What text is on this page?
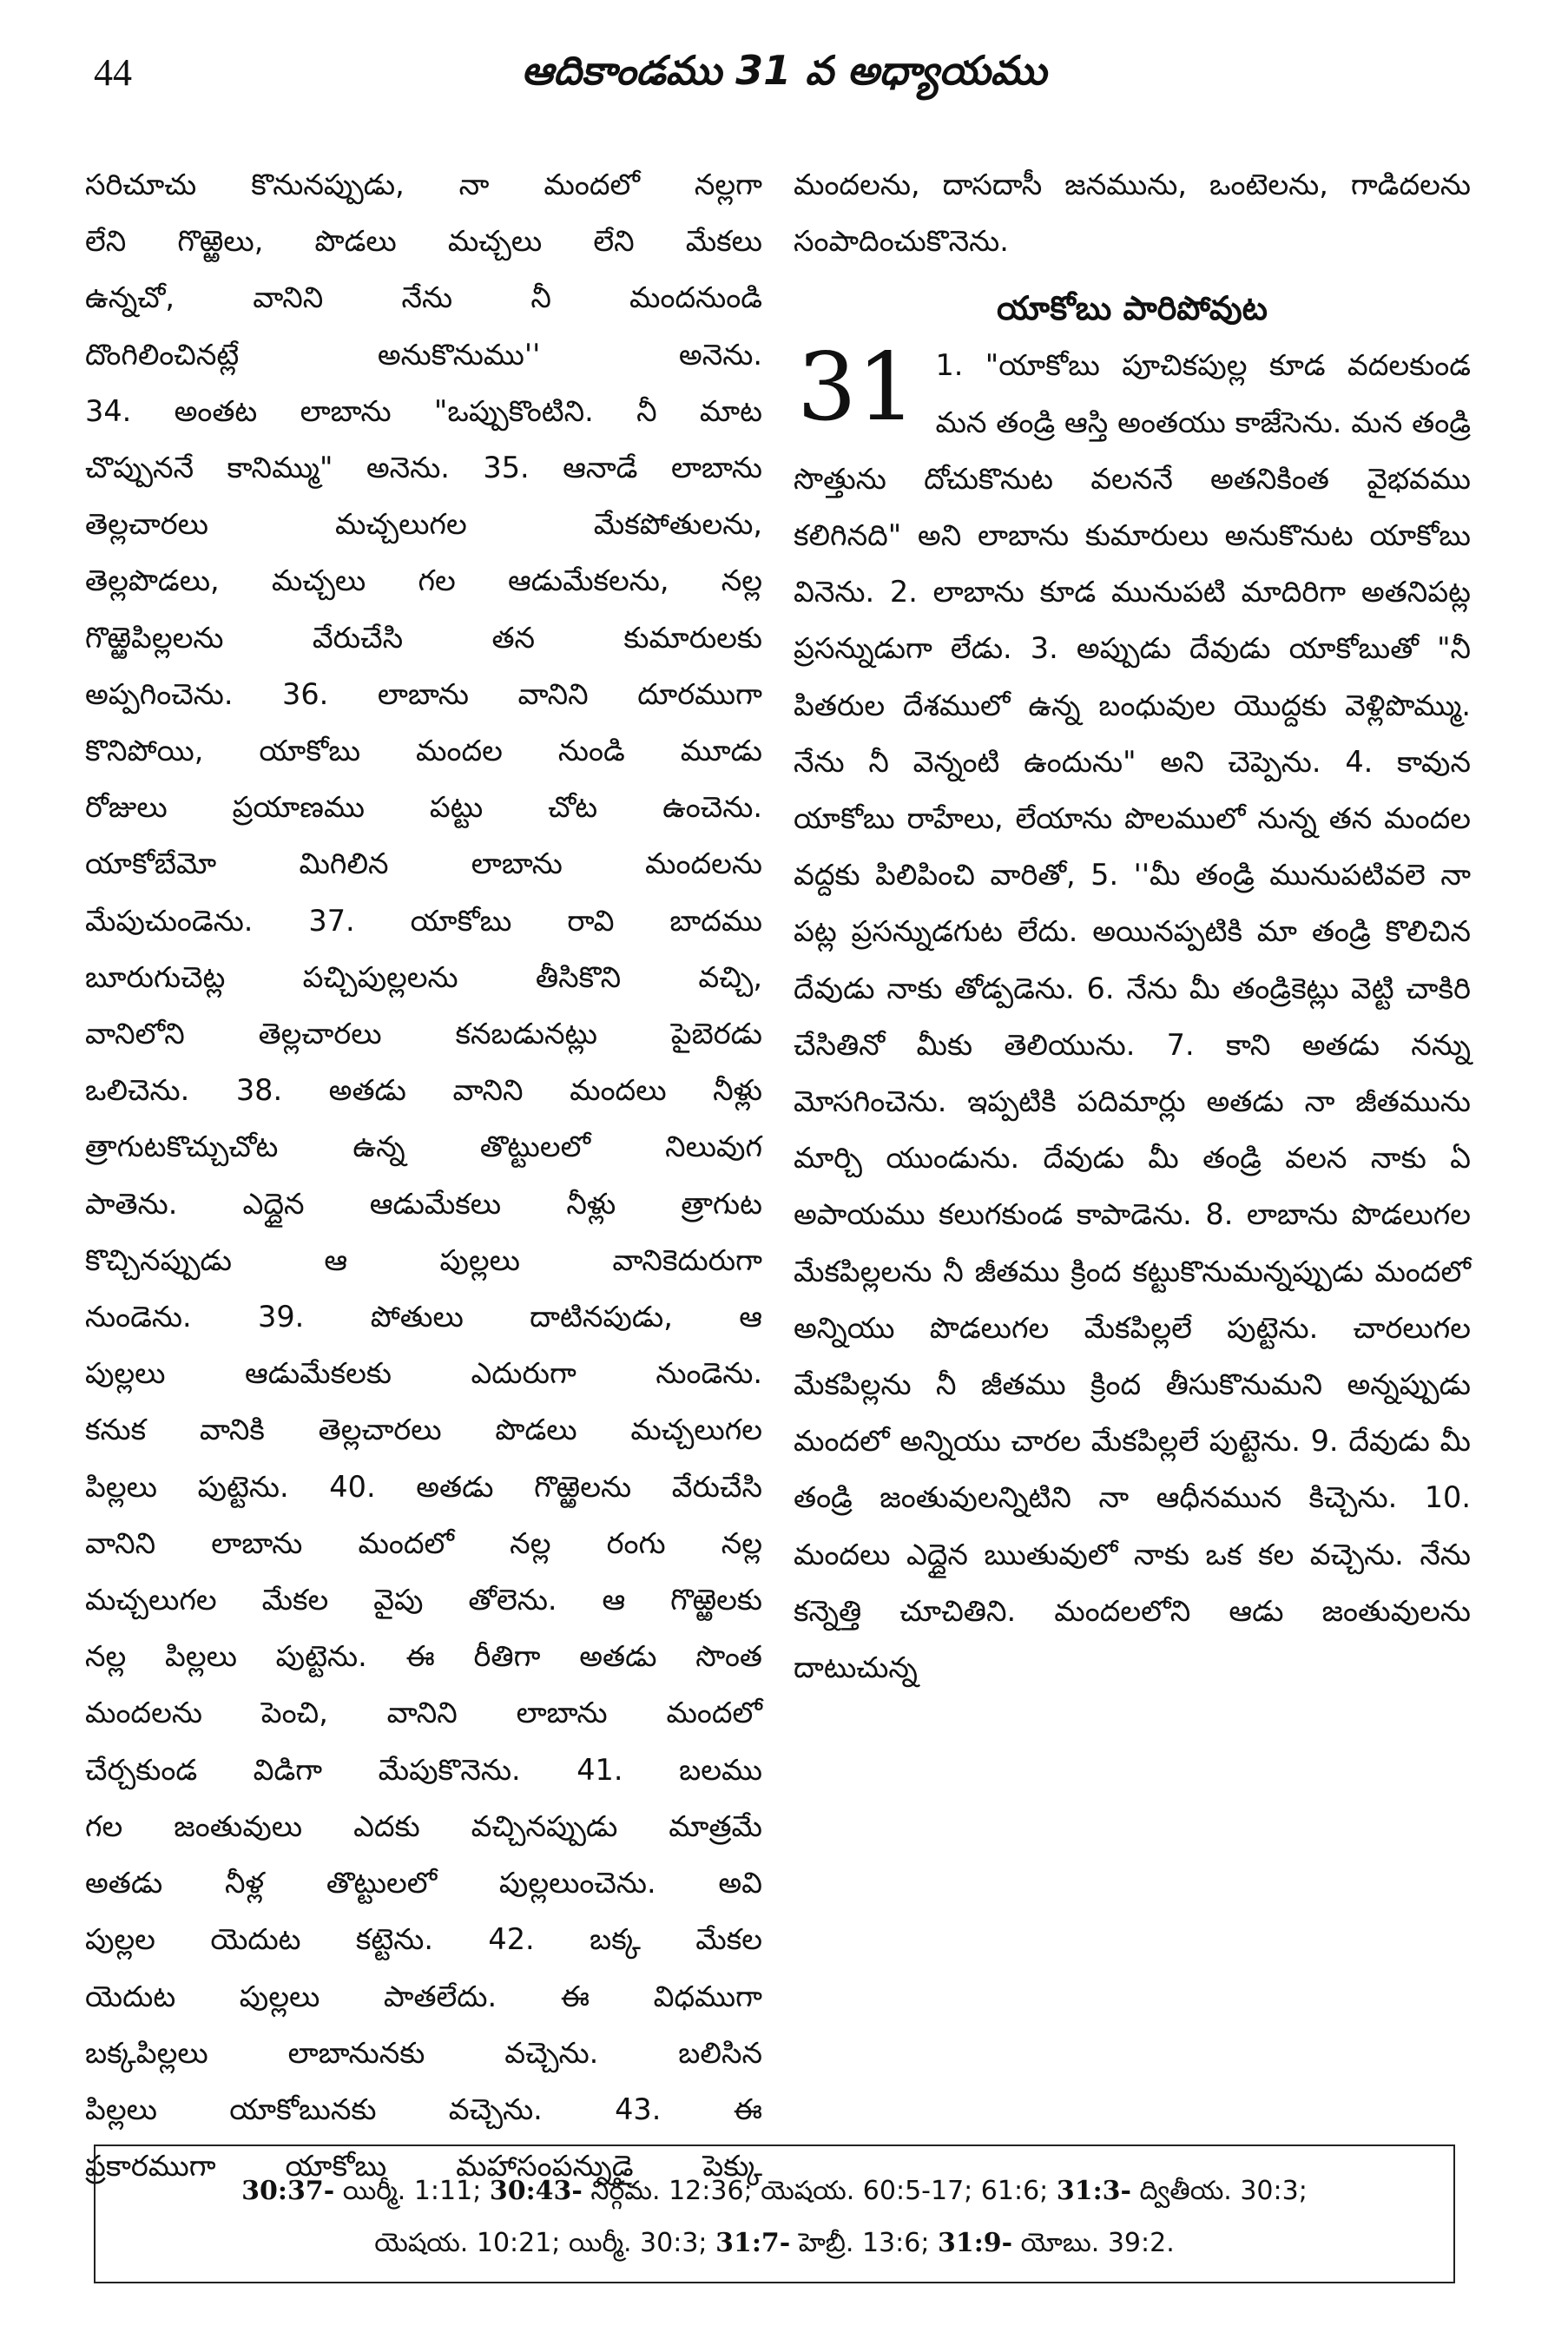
44	ఆదికాండము 31 వ అధ్యాయము

సరిచూచు కొనునప్పుడు, నా మందలో నల్లగా

లేని గొఱ్ఱెలు, పొడలు మచ్చలు లేని మేకలు

ఉన్నచో, వానిని నేను నీ మందనుండి

దొంగిలించినట్లే అనుకొనుము'' అనెను.

34. అంతట లాబాను "ఒప్పుకొంటిని. నీ మాట

చొప్పుననే కానిమ్ము" అనెను. 35. ఆనాడే లాబాను

తెల్లచారలు మచ్చలుగల మేకపోతులను,

తెల్లపొడలు, మచ్చలు గల ఆడుమేకలను, నల్ల

గొఱ్ఱెపిల్లలను వేరుచేసి తన కుమారులకు

అప్పగించెను. 36. లాబాను వానిని దూరముగా

కొనిపోయి, యాకోబు మందల నుండి మూడు

రోజులు ప్రయాణము పట్టు చోట ఉంచెను.

యాకోబేమో మిగిలిన లాబాను మందలను

మేపుచుండెను. 37. యాకోబు రావి బాదము

బూరుగుచెట్ల పచ్చిపుల్లలను తీసికొని వచ్చి,

వానిలోని తెల్లచారలు కనబడునట్లు పైబెరడు

ఒలిచెను. 38. అతడు వానిని మందలు నీళ్లు

త్రాగుటకొచ్చుచోట ఉన్న తొట్టులలో నిలువుగ

పాతెను. ఎద్దైన ఆడుమేకలు నీళ్లు త్రాగుట

కొచ్చినప్పుడు ఆ పుల్లలు వానికెదురుగా

నుండెను. 39. పోతులు దాటినపుడు, ఆ

పుల్లలు ఆడుమేకలకు ఎదురుగా నుండెను.

కనుక వానికి తెల్లచారలు పొడలు మచ్చలుగల

పిల్లలు పుట్టెను. 40. అతడు గొఱ్ఱెలను వేరుచేసి

వానిని లాబాను మందలో నల్ల రంగు నల్ల

మచ్చలుగల మేకల వైపు తోలెను. ఆ గొఱ్ఱెలకు

నల్ల పిల్లలు పుట్టెను. ఈ రీతిగా అతడు సొంత

మందలను పెంచి, వానిని లాబాను మందలో

చేర్చకుండ విడిగా మేపుకొనెను. 41. బలము

గల జంతువులు ఎదకు వచ్చినప్పుడు మాత్రమే

అతడు నీళ్ల తొట్టులలో పుల్లలుంచెను. అవి

పుల్లల యెదుట కట్టెను. 42. బక్క మేకల

యెదుట పుల్లలు పాతలేదు. ఈ విధముగా

బక్కపిల్లలు లాబానునకు వచ్చెను. బలిసిన

పిల్లలు యాకోబునకు వచ్చెను. 43. ఈ

ప్రకారముగా యాకోబు మహాసంపన్నుడై పెక్కు

మందలను, దాసదాసీ జనమును, ఒంటెలను, గాడిదలను సంపాదించుకొనెను.

యాకోబు పారిపోవుట

31 1. "యాకోబు పూచికపుల్ల కూడ వదలకుండ మన తండ్రి ఆస్తి అంతయు కాజేసెను. మన తండ్రి సొత్తును దోచుకొనుట వలననే అతనికింత వైభవము కలిగినది" అని లాబాను కుమారులు అనుకొనుట యాకోబు వినెను. 2. లాబాను కూడ మునుపటి మాదిరిగా అతనిపట్ల ప్రసన్నుడుగా లేడు. 3. అప్పుడు దేవుడు యాకోబుతో "నీ పితరుల దేశములో ఉన్న బంధువుల యొద్దకు వెళ్లిపొమ్ము. నేను నీ వెన్నంటి ఉందును" అని చెప్పెను. 4. కావున యాకోబు రాహేలు, లేయాను పొలములో నున్న తన మందల వద్దకు పిలిపించి వారితో, 5. ''మీ తండ్రి మునుపటివలె నా పట్ల ప్రసన్నుడగుట లేదు. అయినప్పటికి మా తండ్రి కొలిచిన దేవుడు నాకు తోడ్పడెను. 6. నేను మీ తండ్రికెట్లు వెట్టి చాకిరి చేసితినో మీకు తెలియును. 7. కాని అతడు నన్ను మోసగించెను. ఇప్పటికి పదిమార్లు అతడు నా జీతమును మార్చి యుండును. దేవుడు మీ తండ్రి వలన నాకు ఏ అపాయము కలుగకుండ కాపాడెను. 8. లాబాను పొడలుగల మేకపిల్లలను నీ జీతము క్రింద కట్టుకొనుమన్నప్పుడు మందలో అన్నియు పొడలుగల మేకపిల్లలే పుట్టెను. చారలుగల మేకపిల్లను నీ జీతము క్రింద తీసుకొనుమని అన్నప్పుడు మందలో అన్నియు చారల మేకపిల్లలే పుట్టెను. 9. దేవుడు మీ తండ్రి జంతువులన్నిటిని నా ఆధీనమున కిచ్చెను. 10. మందలు ఎద్దైన ఋతువులో నాకు ఒక కల వచ్చెను. నేను కన్నెత్తి చూచితిని. మందలలోని ఆడు జంతువులను దాటుచున్న

30:37- యిర్మీ. 1:11; 30:43- నిర్గమ. 12:36; యెషయ. 60:5-17; 61:6; 31:3- ద్వితీయ. 30:3;
యెషయ. 10:21; యిర్మీ. 30:3; 31:7- హెబ్రీ. 13:6; 31:9- యోబు. 39:2.
